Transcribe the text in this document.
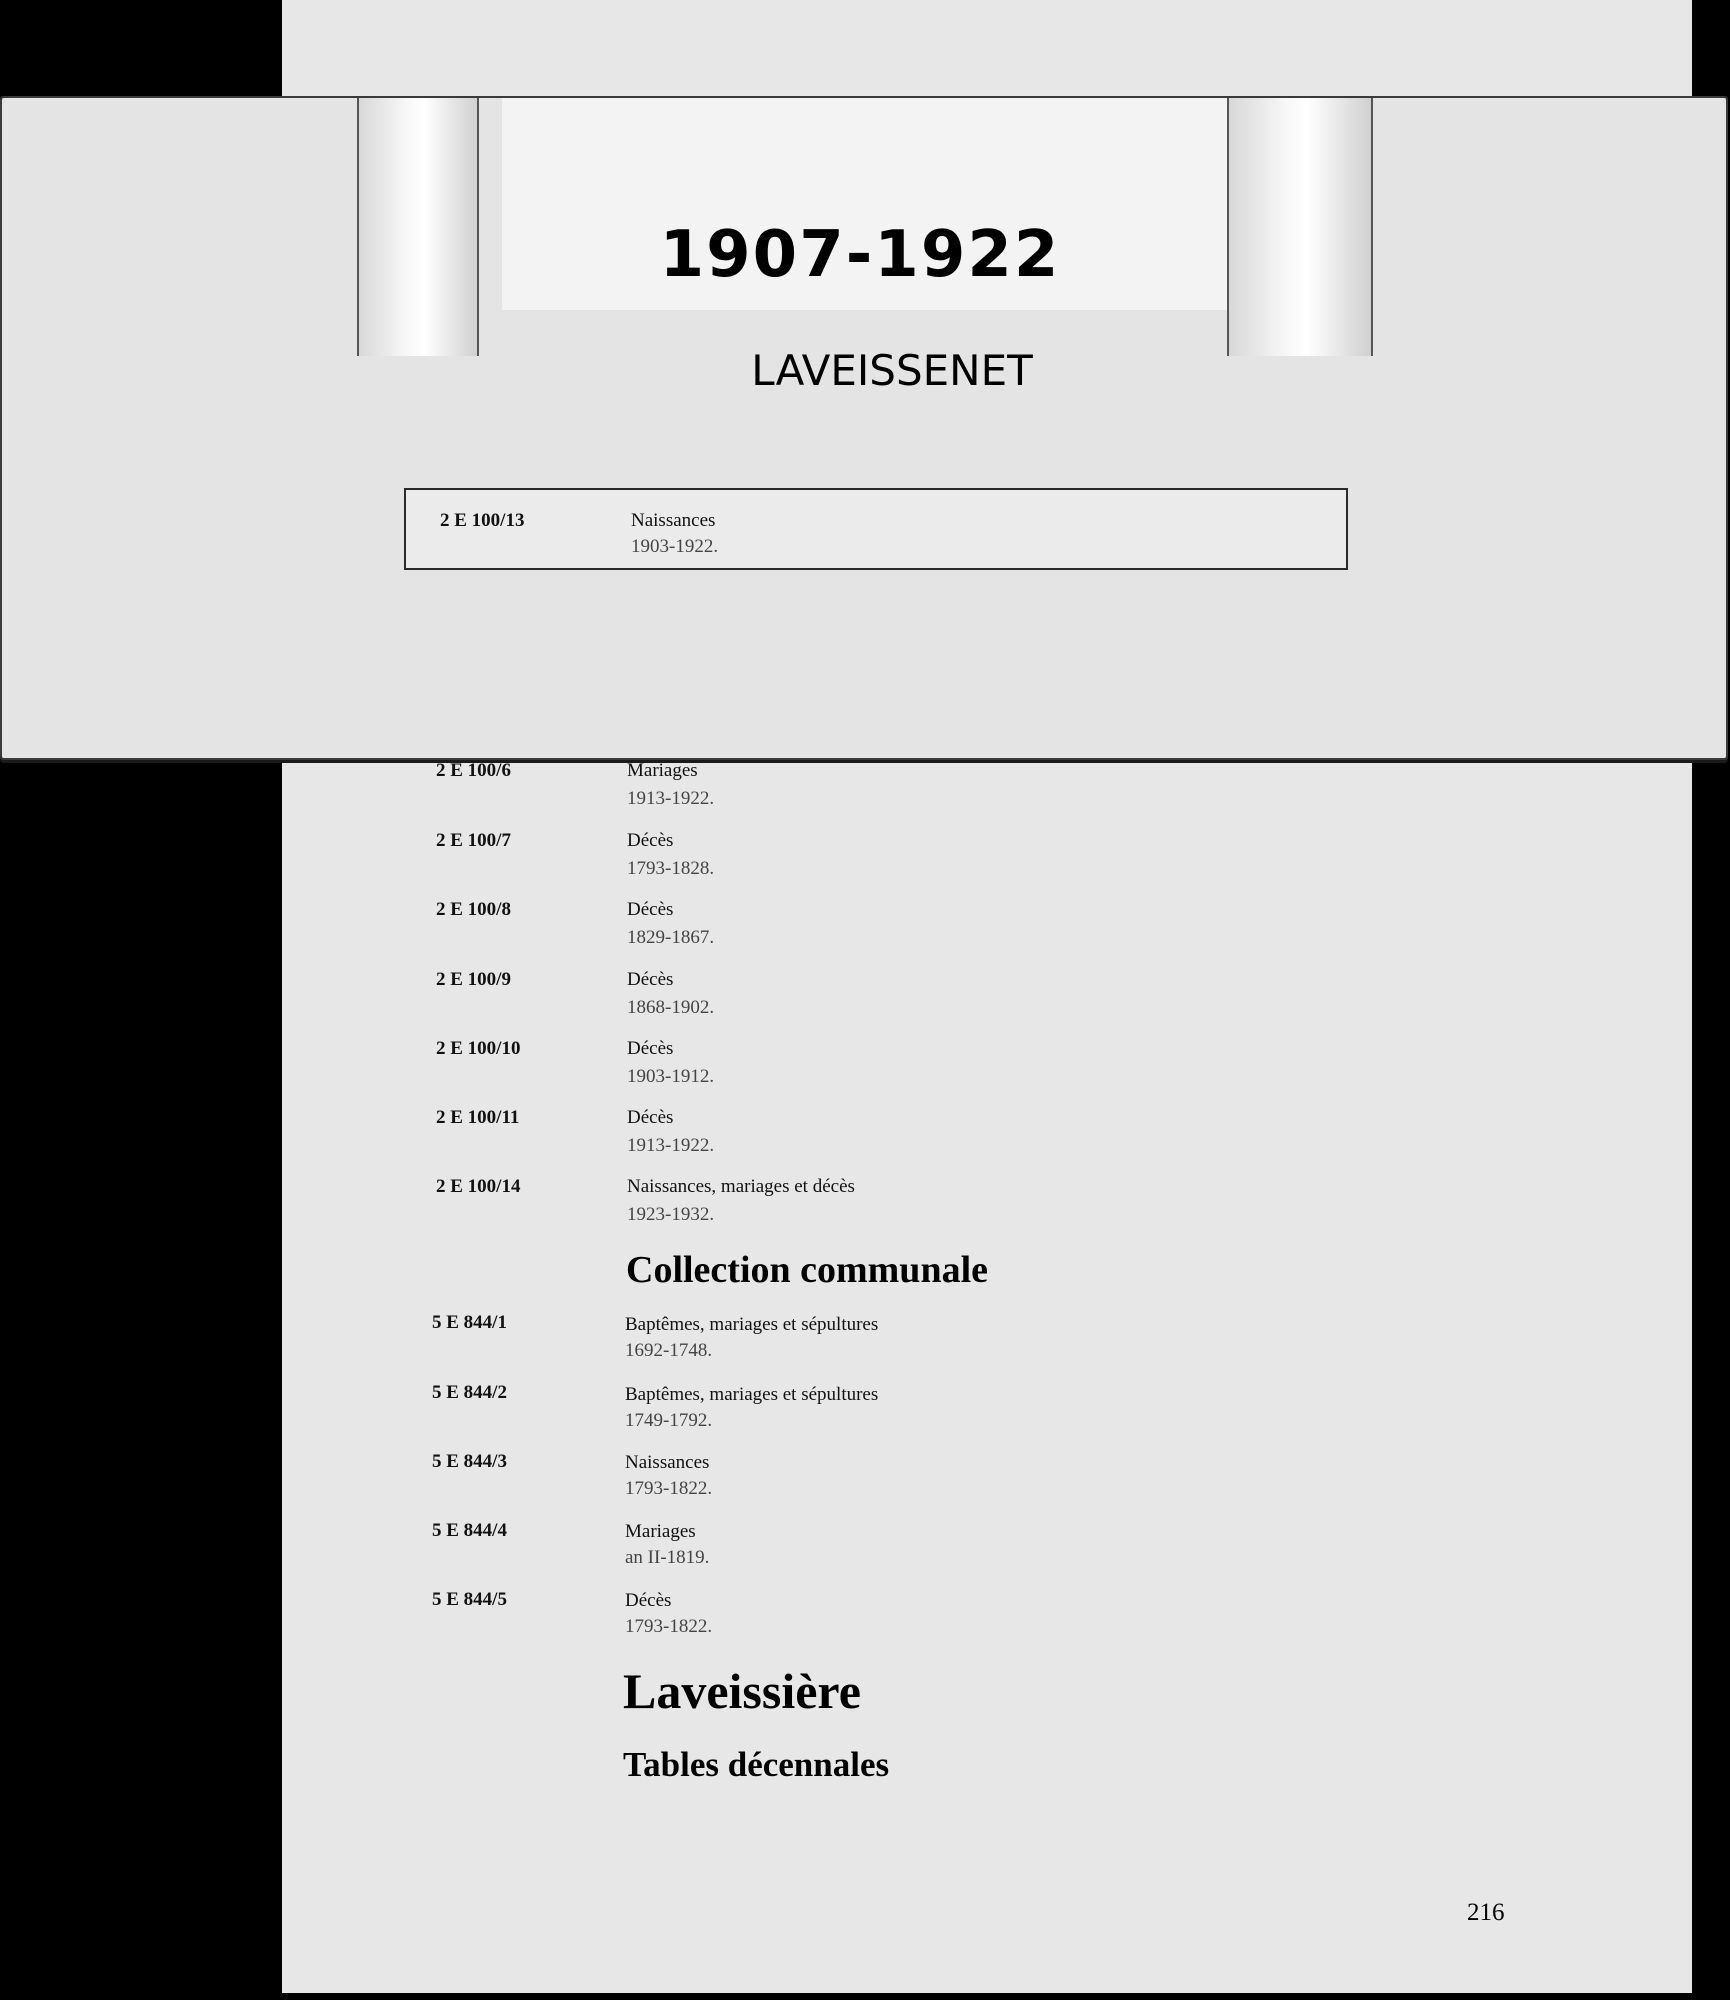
2 E 100/6	Mariages
1913-1922.
2 E 100/7	Décès
1793-1828.
2 E 100/8	Décès
1829-1867.
2 E 100/9	Décès
1868-1902.
2 E 100/10	Décès
1903-1912.
2 E 100/11	Décès
1913-1922.
2 E 100/14	Naissances, mariages et décès
1923-1932.
Collection communale
5 E 844/1	Baptêmes, mariages et sépultures
1692-1748.
5 E 844/2	Baptêmes, mariages et sépultures
1749-1792.
5 E 844/3	Naissances
1793-1822.
5 E 844/4	Mariages
an II-1819.
5 E 844/5	Décès
1793-1822.
Laveissière
Tables décennales
216
1907-1922
LAVEISSENET
2 E 100/13	Naissances
1903-1922.
